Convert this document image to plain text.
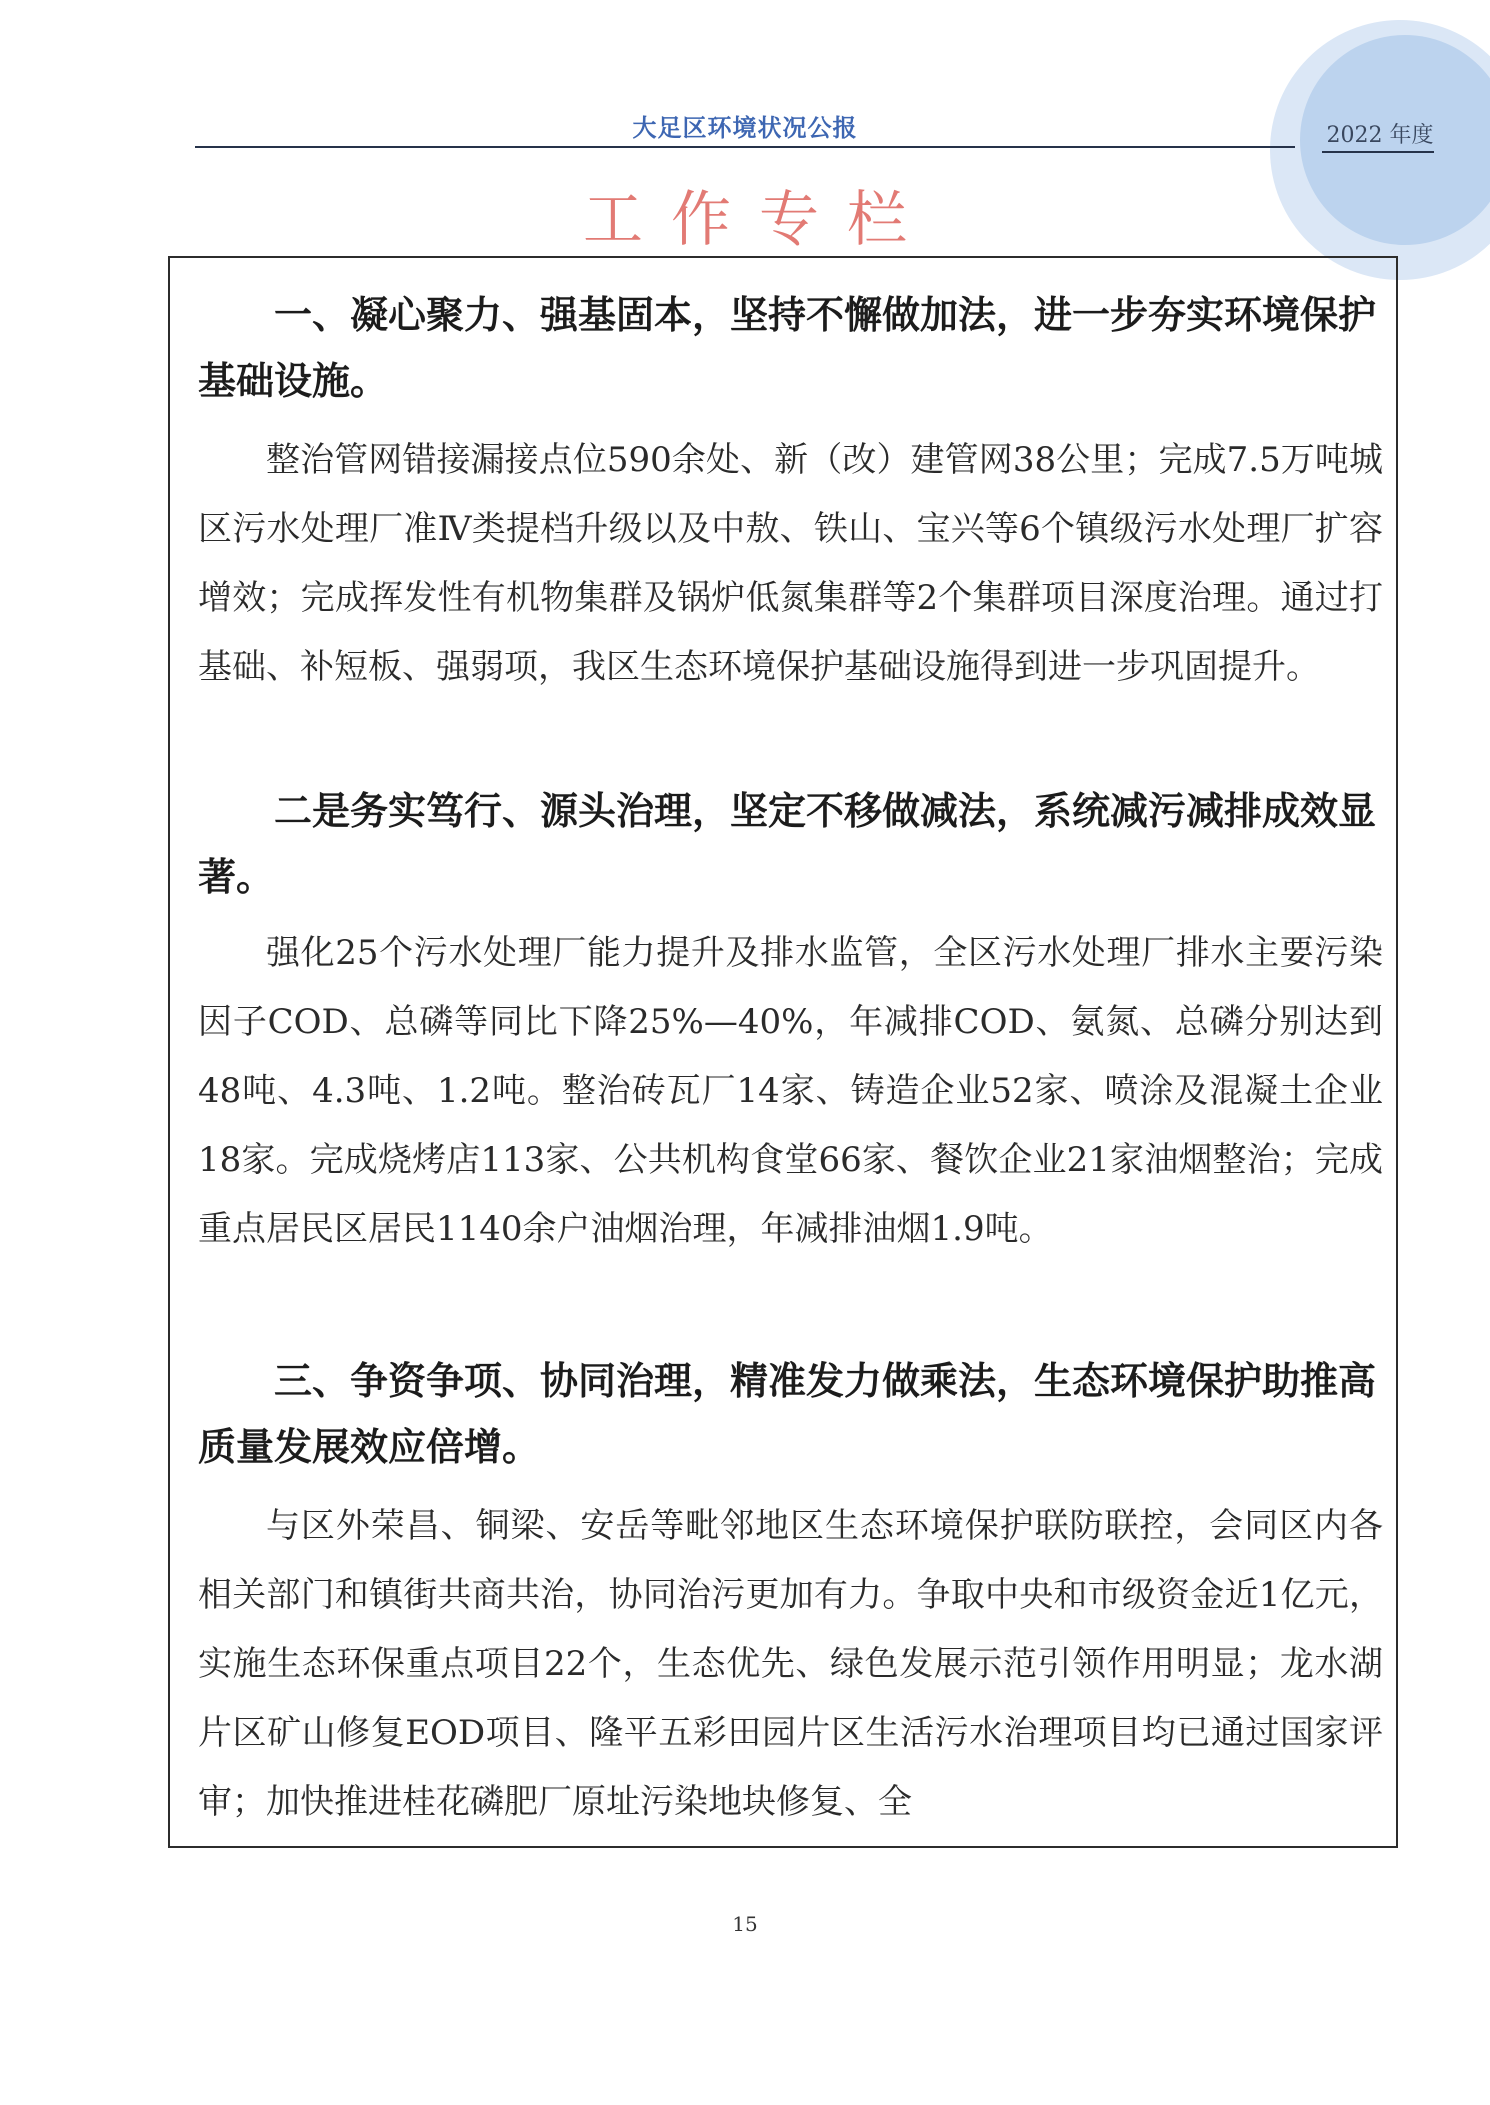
大足区环境状况公报	2022 年度
工作专栏
一、凝心聚力、强基固本，坚持不懈做加法，进一步夯实环境保护基础设施。

整治管网错接漏接点位590余处、新（改）建管网38公里；完成7.5万吨城区污水处理厂准Ⅳ类提档升级以及中敖、铁山、宝兴等6个镇级污水处理厂扩容增效；完成挥发性有机物集群及锅炉低氮集群等2个集群项目深度治理。通过打基础、补短板、强弱项，我区生态环境保护基础设施得到进一步巩固提升。

二是务实笃行、源头治理，坚定不移做减法，系统减污减排成效显著。

强化25个污水处理厂能力提升及排水监管，全区污水处理厂排水主要污染因子COD、总磷等同比下降25%—40%，年减排COD、氨氮、总磷分别达到48吨、4.3吨、1.2吨。整治砖瓦厂14家、铸造企业52家、喷涂及混凝土企业18家。完成烧烤店113家、公共机构食堂66家、餐饮企业21家油烟整治；完成重点居民区居民1140余户油烟治理，年减排油烟1.9吨。

三、争资争项、协同治理，精准发力做乘法，生态环境保护助推高质量发展效应倍增。

与区外荣昌、铜梁、安岳等毗邻地区生态环境保护联防联控，会同区内各相关部门和镇街共商共治，协同治污更加有力。争取中央和市级资金近1亿元，实施生态环保重点项目22个，生态优先、绿色发展示范引领作用明显；龙水湖片区矿山修复EOD项目、隆平五彩田园片区生活污水治理项目均已通过国家评审；加快推进桂花磷肥厂原址污染地块修复、全

15
